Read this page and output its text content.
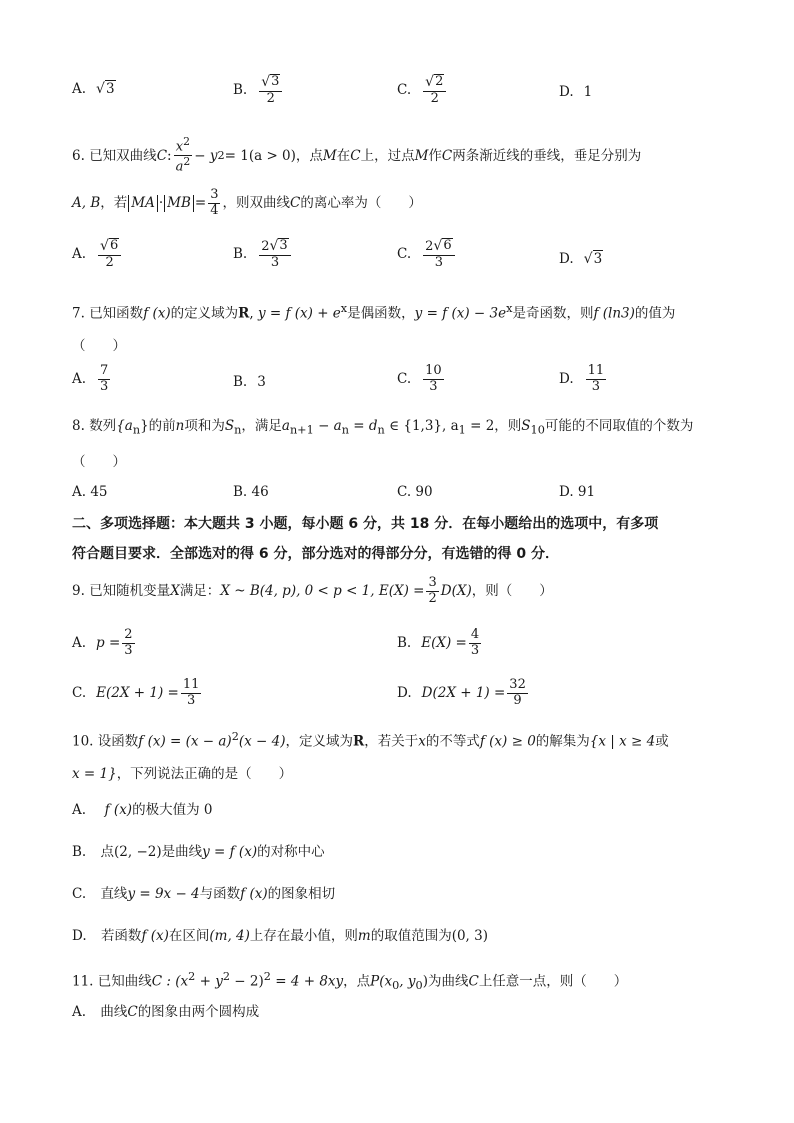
A. √ 3	B. $\frac{√ 3}{2}$	C. $\frac{√ 2}{2}$	D. 1
6.
已知双曲线 C : $\frac{x^2}{a^2} - y$ 2 = 1(a > 0) ，点 M 在 C 上，过点 M 作 C 两条渐近线的垂线，垂足分别为
A, B ，若 MA · MB = $\frac{3}{4}$ ，则双曲线 C 的离心率为（　　）
A. $\frac{√ 6}{2}$	B. $\frac{2 √ 3}{3}$	C. $\frac{2 √ 6}{3}$	D. √ 3
7. 已知函数f (x)的定义域为R, y = f $(x) + e^x$是偶函数，y = f $(x) - 3e^x$是奇函数，则f (ln3)的值为
（　　）
A. $\frac{7}{3}$	B. 3	C. $\frac{10}{3}$	D. $\frac{11}{3}$
8. 数列$\{a_n\}$的前n项和为$S_n$，满足$a_{n+1} - a_n = d_n$ ∈ {1,3}, $a_1 = 2$，则$S_{10}$可能的不同取值的个数为
（　　）
A. 45	B. 46	C. 90	D. 91
二、多项选择题：本大题共 3 小题，每小题 6 分，共 18 分．在每小题给出的选项中，有多项
符合题目要求．全部选对的得 6 分，部分选对的得部分分，有选错的得 0 分．
9.
已知随机变量 X 满足： X ~ B(4, p), 0 < p < 1, $E(X) = \frac{3}{2} D(X)$ ，则（　　）
A. $p = \frac{2}{3}$	B. $E(X) = \frac{4}{3}$
C. $E(2X + 1) = \frac{11}{3}$	D. $D(2X + 1) = \frac{32}{9}$
10. 设函数f $(x) = (x - a)^2(x - 4)$，定义域为R，若关于x的不等式f (x) ≥ 0的解集为{x | x ≥ 4或
x = 1}，下列说法正确的是（　　）
A. f (x)的极大值为 0
B. 点(2, −2)是曲线y = f (x)的对称中心
C. 直线y = 9x − 4与函数f (x)的图象相切
D. 若函数f (x)在区间(m, 4)上存在最小值，则m的取值范围为(0, 3)
11. 已知曲线C : $(x^2 + y^2 - 2)^2 = 4 + 8xy$，点$P(x_0$, $y_0$)为曲线C上任意一点，则（　　）
A. 曲线C的图象由两个圆构成
